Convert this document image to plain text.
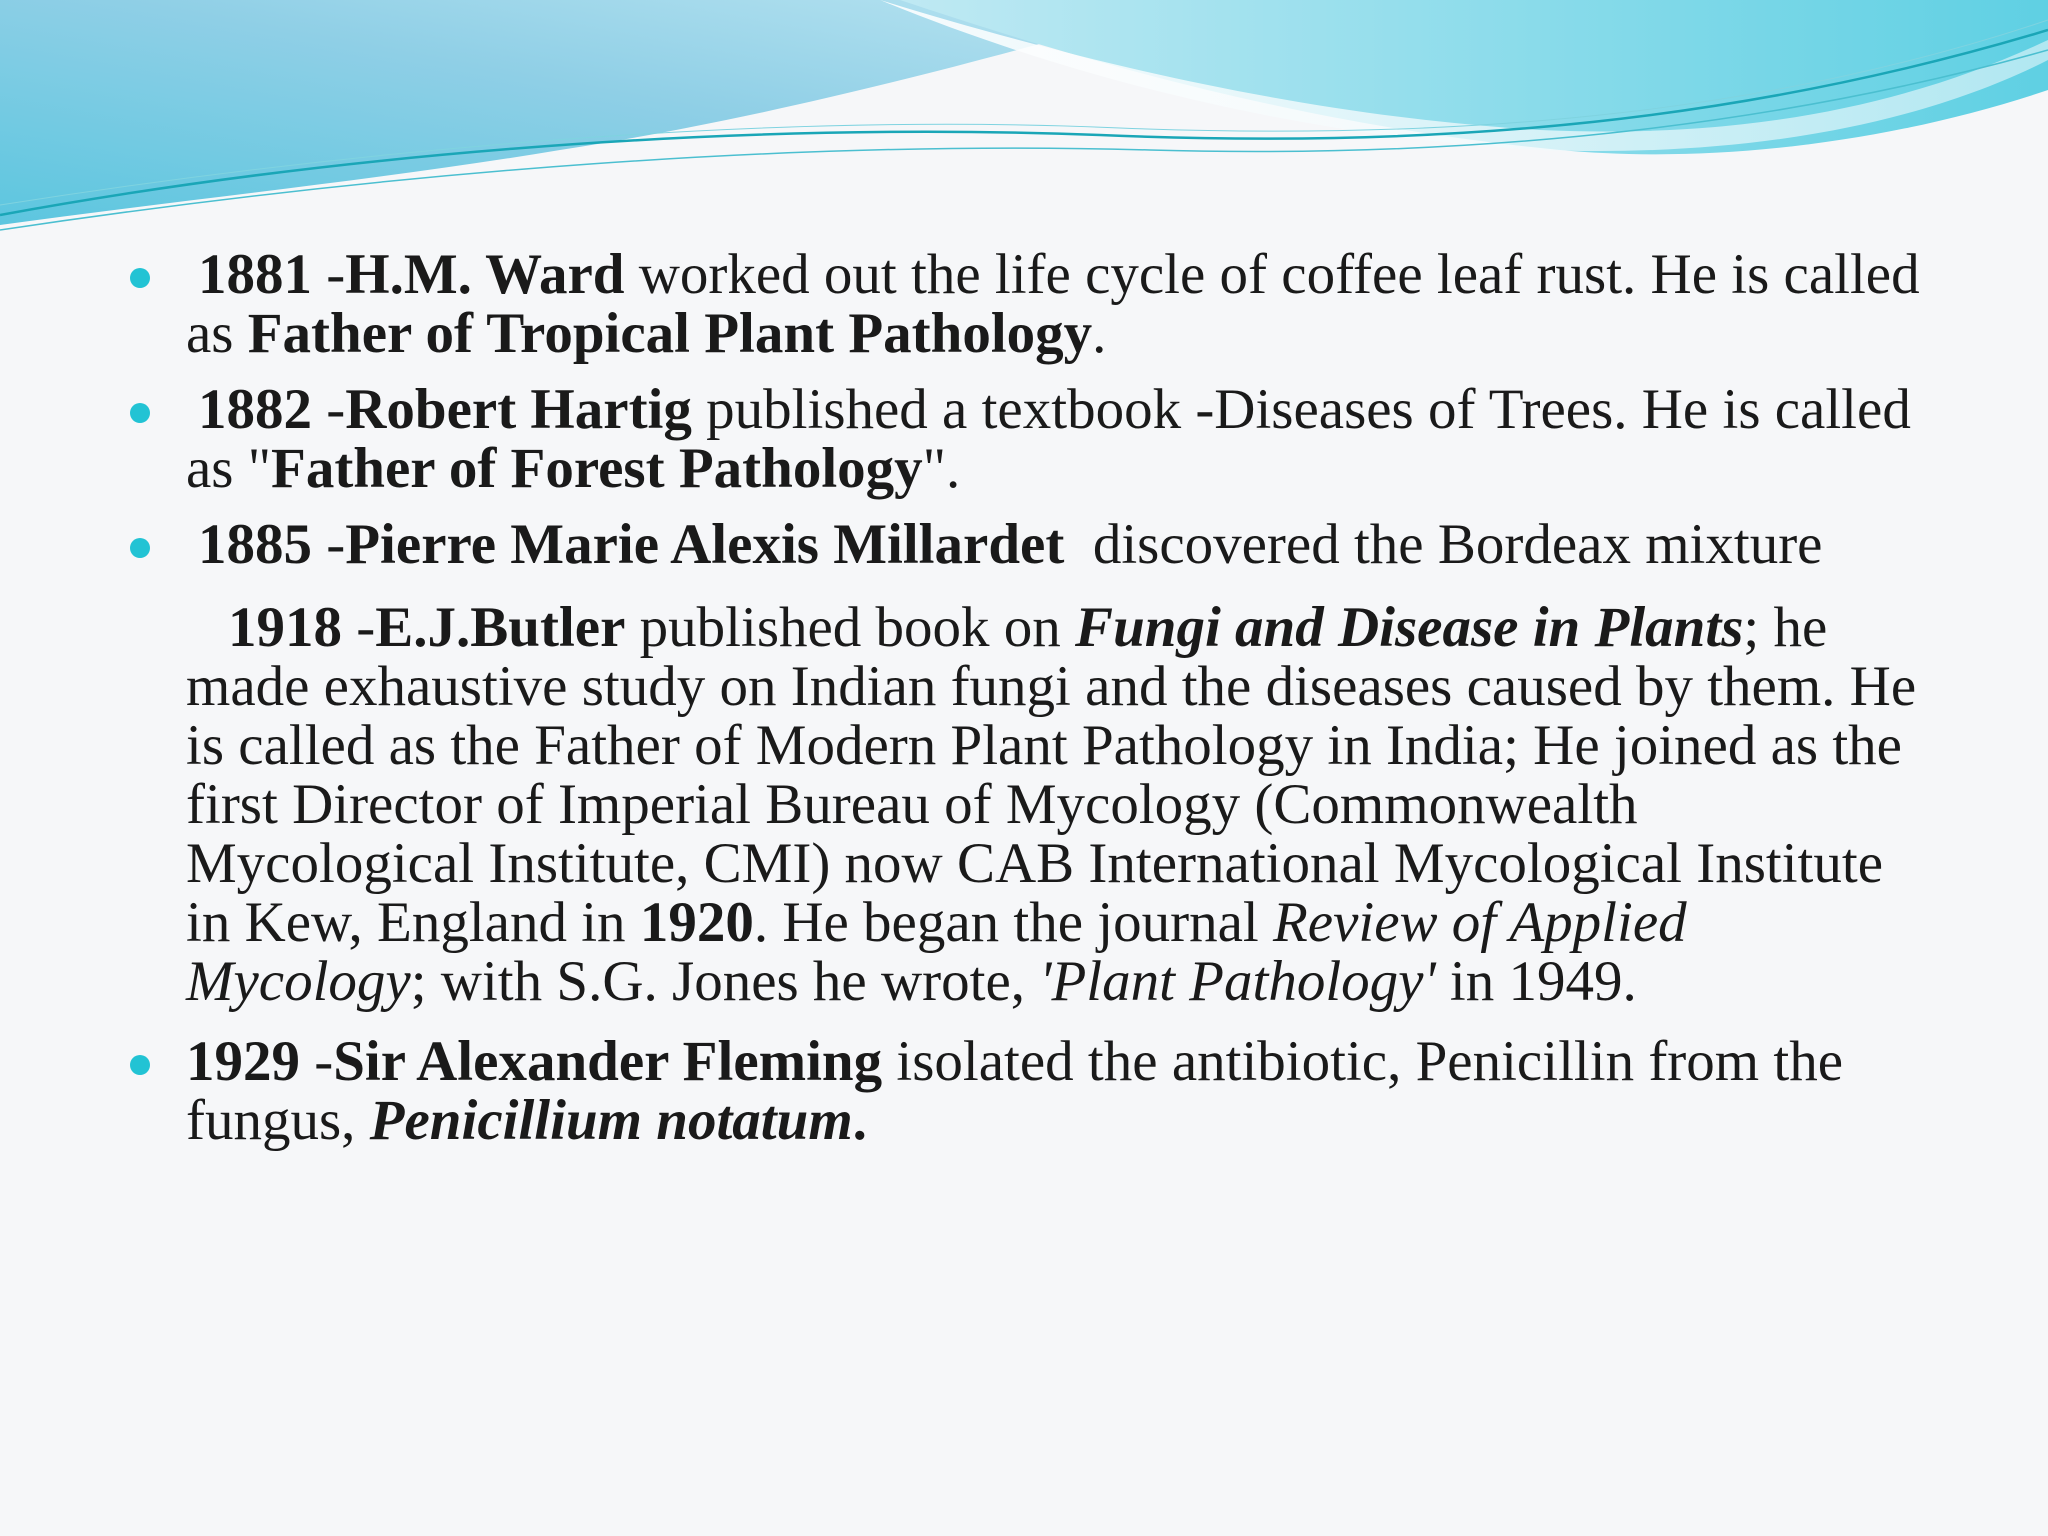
1881 -H.M. Ward worked out the life cycle of coffee leaf rust. He is called as Father of Tropical Plant Pathology.
1882 -Robert Hartig published a textbook -Diseases of Trees. He is called as "Father of Forest Pathology".
1885 -Pierre Marie Alexis Millardet  discovered the Bordeax mixture
1918 -E.J.Butler published book on Fungi and Disease in Plants; he made exhaustive study on Indian fungi and the diseases caused by them. He is called as the Father of Modern Plant Pathology in India; He joined as the first Director of Imperial Bureau of Mycology (Commonwealth Mycological Institute, CMI) now CAB International Mycological Institute in Kew, England in 1920. He began the journal Review of Applied Mycology; with S.G. Jones he wrote, 'Plant Pathology' in 1949.
1929 -Sir Alexander Fleming isolated the antibiotic, Penicillin from the fungus, Penicillium notatum.
